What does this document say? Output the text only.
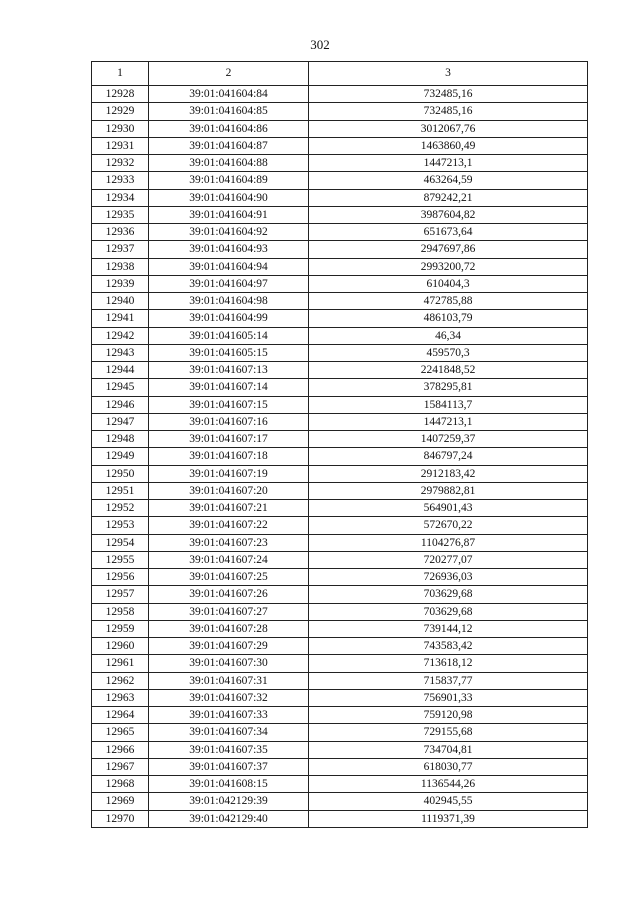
302
1	2	3
12928	39:01:041604:84	732485,16
12929	39:01:041604:85	732485,16
12930	39:01:041604:86	3012067,76
12931	39:01:041604:87	1463860,49
12932	39:01:041604:88	1447213,1
12933	39:01:041604:89	463264,59
12934	39:01:041604:90	879242,21
12935	39:01:041604:91	3987604,82
12936	39:01:041604:92	651673,64
12937	39:01:041604:93	2947697,86
12938	39:01:041604:94	2993200,72
12939	39:01:041604:97	610404,3
12940	39:01:041604:98	472785,88
12941	39:01:041604:99	486103,79
12942	39:01:041605:14	46,34
12943	39:01:041605:15	459570,3
12944	39:01:041607:13	2241848,52
12945	39:01:041607:14	378295,81
12946	39:01:041607:15	1584113,7
12947	39:01:041607:16	1447213,1
12948	39:01:041607:17	1407259,37
12949	39:01:041607:18	846797,24
12950	39:01:041607:19	2912183,42
12951	39:01:041607:20	2979882,81
12952	39:01:041607:21	564901,43
12953	39:01:041607:22	572670,22
12954	39:01:041607:23	1104276,87
12955	39:01:041607:24	720277,07
12956	39:01:041607:25	726936,03
12957	39:01:041607:26	703629,68
12958	39:01:041607:27	703629,68
12959	39:01:041607:28	739144,12
12960	39:01:041607:29	743583,42
12961	39:01:041607:30	713618,12
12962	39:01:041607:31	715837,77
12963	39:01:041607:32	756901,33
12964	39:01:041607:33	759120,98
12965	39:01:041607:34	729155,68
12966	39:01:041607:35	734704,81
12967	39:01:041607:37	618030,77
12968	39:01:041608:15	1136544,26
12969	39:01:042129:39	402945,55
12970	39:01:042129:40	1119371,39
